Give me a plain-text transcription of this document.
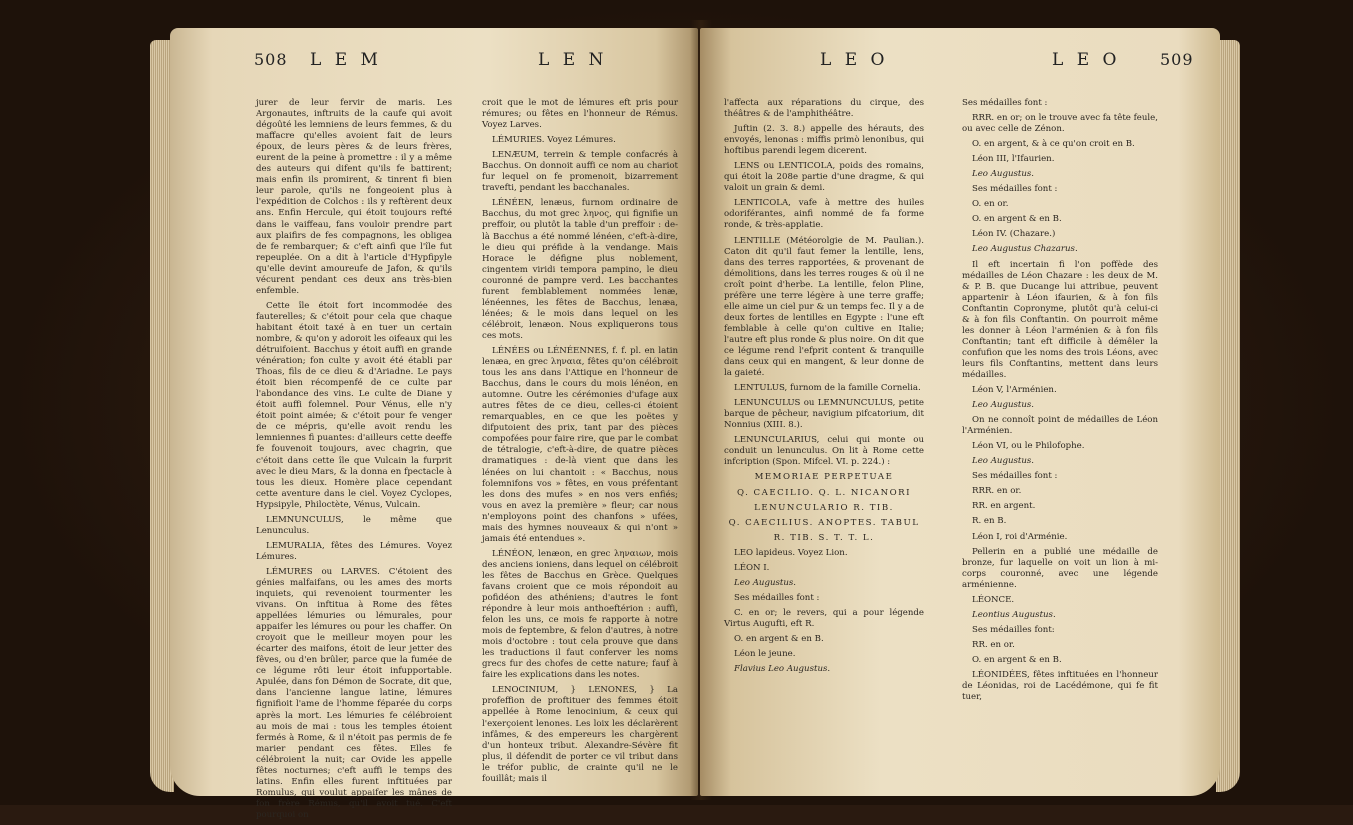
508 L E M	L E N

jurer de leur fervir de maris. Les Argonautes, inftruits de la caufe qui avoit dégoûté les lemniens de leurs femmes, & du maffacre qu'elles avoient fait de leurs époux, de leurs pères & de leurs frères, eurent de la peine à promettre : il y a même des auteurs qui difent qu'ils fe battirent; mais enfin ils promirent, & tinrent fi bien leur parole, qu'ils ne fongeoient plus à l'expédition de Colchos : ils y reftèrent deux ans. Enfin Hercule, qui étoit toujours refté dans le vaiffeau, fans vouloir prendre part aux plaifirs de fes compagnons, les obligea de fe rembarquer; & c'eft ainfi que l'île fut repeuplée. On a dit à l'article d'Hypfipyle qu'elle devint amoureufe de Jafon, & qu'ils vécurent pendant ces deux ans très-bien enfemble.

Cette île étoit fort incommodée des fauterelles; & c'étoit pour cela que chaque habitant étoit taxé à en tuer un certain nombre, & qu'on y adoroit les oifeaux qui les détruifoient. Bacchus y étoit auffi en grande vénération; fon culte y avoit été établi par Thoas, fils de ce dieu & d'Ariadne. Le pays étoit bien récompenfé de ce culte par l'abondance des vins. Le culte de Diane y étoit auffi folemnel. Pour Vénus, elle n'y étoit point aimée; & c'étoit pour fe venger de ce mépris, qu'elle avoit rendu les lemniennes fi puantes: d'ailleurs cette deeffe fe fouvenoit toujours, avec chagrin, que c'étoit dans cette île que Vulcain la furprit avec le dieu Mars, & la donna en fpectacle à tous les dieux. Homère place cependant cette aventure dans le ciel. Voyez Cyclopes, Hypsipyle, Philoctète, Vénus, Vulcain.

LEMNUNCULUS, le même que Lenunculus.

LEMURALIA, fêtes des Lémures. Voyez Lémures.

LÉMURES ou LARVES. C'étoient des génies malfaifans, ou les ames des morts inquiets, qui revenoient tourmenter les vivans. On inftitua à Rome des fêtes appellées lémuries ou lémurales, pour appaifer les lémures ou pour les chaffer. On croyoit que le meilleur moyen pour les écarter des maifons, étoit de leur jetter des fêves, ou d'en brûler, parce que la fumée de ce légume rôti leur étoit infupportable. Apulée, dans fon Démon de Socrate, dit que, dans l'ancienne langue latine, lémures fignifioit l'ame de l'homme féparée du corps après la mort. Les lémuries fe célébroient au mois de mai : tous les temples étoient fermés à Rome, & il n'étoit pas permis de fe marier pendant ces fêtes. Elles fe célébroient la nuit; car Ovide les appelle fêtes nocturnes; c'eft auffi le temps des latins. Enfin elles furent inftituées par Romulus, qui voulut appaifer les mânes de fon frère Rémus, qu'il avoit tué. C'eft pourquoi on

croit que le mot de lémures eft pris pour rémures; ou fêtes en l'honneur de Rémus. Voyez Larves.

LÉMURIES. Voyez Lémures.

LENÆUM, terrein & temple confacrés à Bacchus. On donnoit auffi ce nom au chariot fur lequel on fe promenoit, bizarrement travefti, pendant les bacchanales.

LÉNÉEN, lenæus, furnom ordinaire de Bacchus, du mot grec ληνος, qui fignifie un preffoir, ou plutôt la table d'un preffoir : de-là Bacchus a été nommé lénéen, c'eft-à-dire, le dieu qui préfide à la vendange. Mais Horace le défigne plus noblement, cingentem viridi tempora pampino, le dieu couronné de pampre verd. Les bacchantes furent femblablement nommées lenæ, lénéennes, les fêtes de Bacchus, lenæa, lénées; & le mois dans lequel on les célébroit, lenæon. Nous expliquerons tous ces mots.

LÉNÉES ou LÉNÉENNES, f. f. pl. en latin lenæa, en grec ληναια, fêtes qu'on célébroit tous les ans dans l'Attique en l'honneur de Bacchus, dans le cours du mois lénéon, en automne. Outre les cérémonies d'ufage aux autres fêtes de ce dieu, celles-ci étoient remarquables, en ce que les poëtes y difputoient des prix, tant par des pièces compofées pour faire rire, que par le combat de tétralogie, c'eft-à-dire, de quatre pièces dramatiques : de-là vient que dans les lénées on lui chantoit : « Bacchus, nous folemnifons vos » fêtes, en vous préfentant les dons des mufes » en nos vers enfiés; vous en avez la première » fleur; car nous n'employons point des chanfons » ufées, mais des hymnes nouveaux & qui n'ont » jamais été entendues ».

LÉNÉON, lenæon, en grec ληναιων, mois des anciens ioniens, dans lequel on célébroit les fêtes de Bacchus en Grèce. Quelques favans croient que ce mois répondoit au pofidéon des athéniens; d'autres le font répondre à leur mois anthoeftérion : auffi, felon les uns, ce mois fe rapporte à notre mois de feptembre, & felon d'autres, à notre mois d'octobre : tout cela prouve que dans les traductions il faut conferver les noms grecs fur des chofes de cette nature; fauf à faire les explications dans les notes.

LENOCINIUM, } LENONES, } La profeffion de proftituer des femmes étoit appellée à Rome lenocinium, & ceux qui l'exerçoient lenones. Les loix les déclarèrent infâmes, & des empereurs les chargèrent d'un honteux tribut. Alexandre-Sévère fit plus, il défendit de porter ce vil tribut dans le tréfor public, de crainte qu'il ne le fouillât; mais il

L E O	L E O 509

l'affecta aux réparations du cirque, des théâtres & de l'amphithéâtre.

Juftin (2. 3. 8.) appelle des hérauts, des envoyés, lenonas : miffis primò lenonibus, qui hoftibus parendi legem dicerent.

LENS ou LENTICOLA, poids des romains, qui étoit la 208e partie d'une dragme, & qui valoit un grain & demi.

LENTICOLA, vafe à mettre des huiles odoriférantes, ainfi nommé de fa forme ronde, & très-applatie.

LENTILLE (Météorolgie de M. Paulian.). Caton dit qu'il faut femer la lentille, lens, dans des terres rapportées, & provenant de démolitions, dans les terres rouges & où il ne croît point d'herbe. La lentille, felon Pline, préfère une terre légère à une terre graffe; elle aime un ciel pur & un temps fec. Il y a de deux fortes de lentilles en Egypte : l'une eft femblable à celle qu'on cultive en Italie; l'autre eft plus ronde & plus noire. On dit que ce légume rend l'efprit content & tranquille dans ceux qui en mangent, & leur donne de la gaieté.

LENTULUS, furnom de la famille Cornelia.

LENUNCULUS ou LEMNUNCULUS, petite barque de pêcheur, navigium pifcatorium, dit Nonnius (XIII. 8.).

LENUNCULARIUS, celui qui monte ou conduit un lenunculus. On lit à Rome cette infcription (Spon. Mifcel. VI. p. 224.) :

MEMORIAE PERPETUAE

Q. CAECILIO. Q. L. NICANORI

LENUNCULARIO R. TIB.

Q. CAECILIUS. ANOPTES. TABUL

R. TIB. S. T. T. L.

LEO lapideus. Voyez Lion.

LÉON I.

Leo Augustus.

Ses médailles font :

C. en or; le revers, qui a pour légende Virtus Augufti, eft R.

O. en argent & en B.

Léon le jeune.

Flavius Leo Augustus.

Ses médailles font :

RRR. en or; on le trouve avec fa tête feule, ou avec celle de Zénon.

O. en argent, & à ce qu'on croit en B.

Léon III, l'Ifaurien.

Leo Augustus.

Ses médailles font :

O. en or.

O. en argent & en B.

Léon IV. (Chazare.)

Leo Augustus Chazarus.

Il eft incertain fi l'on poffède des médailles de Léon Chazare : les deux de M. & P. B. que Ducange lui attribue, peuvent appartenir à Léon ifaurien, & à fon fils Conftantin Copronyme, plutôt qu'à celui-ci & à fon fils Conftantin. On pourroit même les donner à Léon l'arménien & à fon fils Conftantin; tant eft difficile à démêler la confufion que les noms des trois Léons, avec leurs fils Conftantins, mettent dans leurs médailles.

Léon V, l'Arménien.

Leo Augustus.

On ne connoît point de médailles de Léon l'Arménien.

Léon VI, ou le Philofophe.

Leo Augustus.

Ses médailles font :

RRR. en or.

RR. en argent.

R. en B.

Léon I, roi d'Arménie.

Pellerin en a publié une médaille de bronze, fur laquelle on voit un lion à mi-corps couronné, avec une légende arménienne.

LÉONCE.

Leontius Augustus.

Ses médailles font:

RR. en or.

O. en argent & en B.

LÉONIDÉES, fêtes inftituées en l'honneur de Léonidas, roi de Lacédémone, qui fe fit tuer,
